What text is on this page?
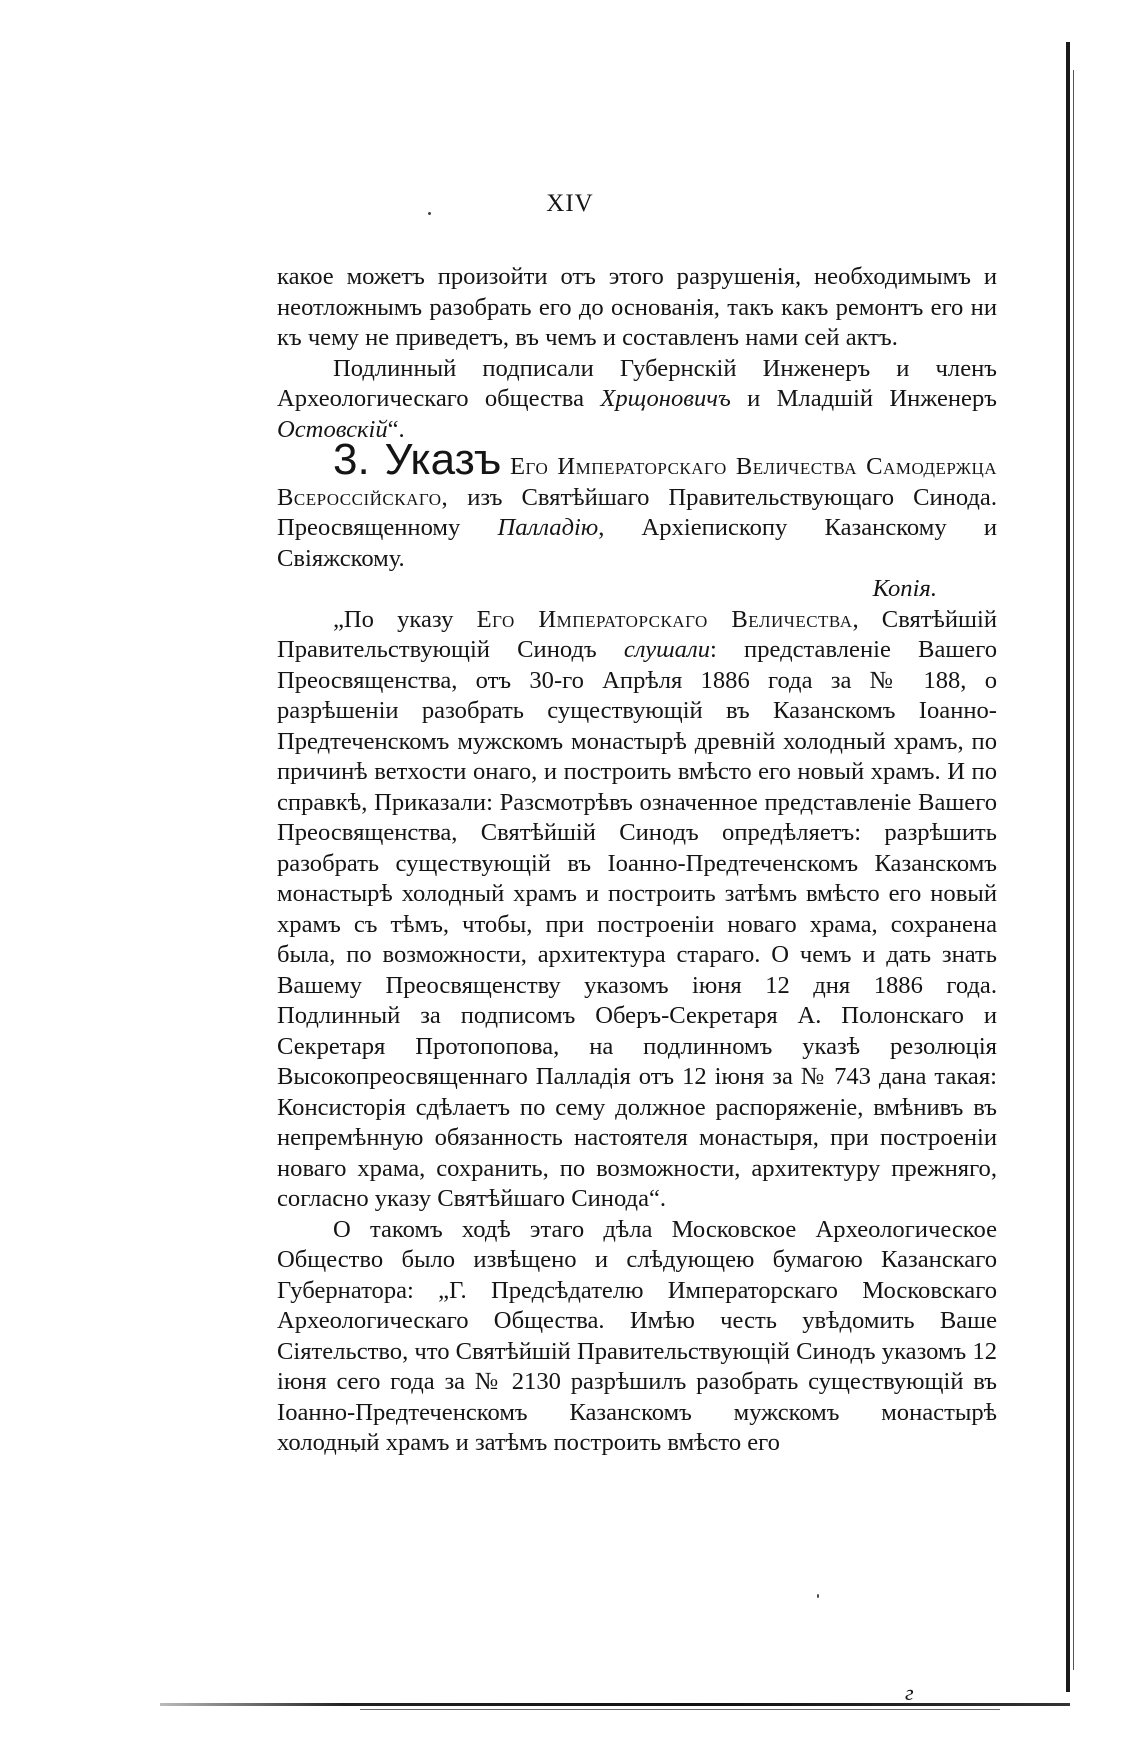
XIV

какое можетъ произойти отъ этого разрушенія, необходимымъ и неотложнымъ разобрать его до основанія, такъ какъ ремонтъ его ни къ чему не приведетъ, въ чемъ и составленъ нами сей актъ.

Подлинный подписали Губернскій Инженеръ и членъ Археологическаго общества Хрщоновичъ и Младшій Инженеръ Остовскій“.

3. Указъ Его Императорскаго Величества Самодержца Всероссійскаго, изъ Святѣйшаго Правительствующаго Синода. Преосвященному Палладію, Архіепископу Казанскому и Свіяжскому.

Копія.

„По указу Его Императорскаго Величества, Святѣйшій Правительствующій Синодъ слушали: представленіе Вашего Преосвященства, отъ 30-го Апрѣля 1886 года за № 188, о разрѣшеніи разобрать существующій въ Казанскомъ Іоанно-Предтеченскомъ мужскомъ монастырѣ древній холодный храмъ, по причинѣ ветхости онаго, и построить вмѣсто его новый храмъ. И по справкѣ, Приказали: Разсмотрѣвъ означенное представленіе Вашего Преосвященства, Святѣйшій Синодъ опредѣляетъ: разрѣшить разобрать существующій въ Іоанно-Предтеченскомъ Казанскомъ монастырѣ холодный храмъ и построить затѣмъ вмѣсто его новый храмъ съ тѣмъ, чтобы, при построеніи новаго храма, сохранена была, по возможности, архитектура стараго. О чемъ и дать знать Вашему Преосвященству указомъ іюня 12 дня 1886 года. Подлинный за подписомъ Оберъ-Секретаря А. Полонскаго и Секретаря Протопопова, на подлинномъ указѣ резолюція Высокопреосвященнаго Палладія отъ 12 іюня за № 743 дана такая: Консисторія сдѣлаетъ по сему должное распоряженіе, вмѣнивъ въ непремѣнную обязанность настоятеля монастыря, при построеніи новаго храма, сохранить, по возможности, архитектуру прежняго, согласно указу Святѣйшаго Синода“.

О такомъ ходѣ этаго дѣла Московское Археологическое Общество было извѣщено и слѣдующею бумагою Казанскаго Губернатора: „Г. Предсѣдателю Императорскаго Московскаго Археологическаго Общества. Имѣю честь увѣдомить Ваше Сіятельство, что Святѣйшій Правительствующій Синодъ указомъ 12 іюня сего года за № 2130 разрѣшилъ разобрать существующій въ Іоанно-Предтеченскомъ Казанскомъ мужскомъ монастырѣ холодный храмъ и затѣмъ построить вмѣсто его

г
